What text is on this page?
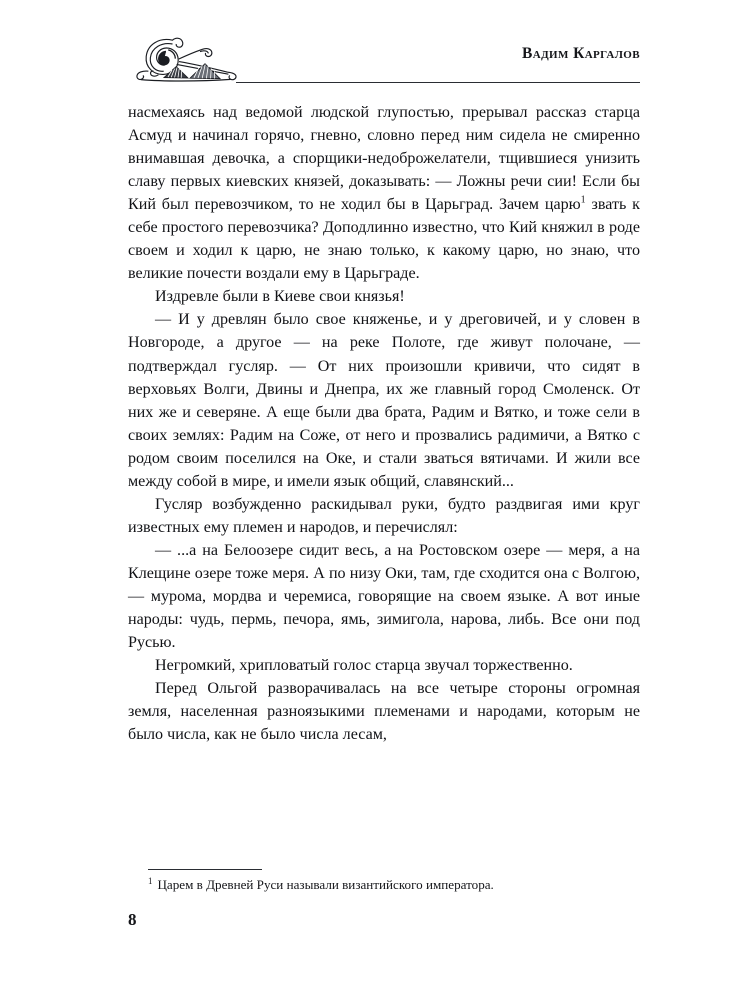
Вадим Каргалов

насмехаясь над ведомой людской глупостью, прерывал рассказ старца Асмуд и начинал горячо, гневно, словно перед ним сидела не смиренно внимавшая девочка, а спорщики-недоброжелатели, тщившиеся унизить славу первых киевских князей, доказывать: — Ложны речи сии! Если бы Кий был перевозчиком, то не ходил бы в Царьград. Зачем царю$^1$ звать к себе простого перевозчика? Доподлинно известно, что Кий княжил в роде своем и ходил к царю, не знаю только, к какому царю, но знаю, что великие почести воздали ему в Царьграде.

Издревле были в Киеве свои князья!

— И у древлян было свое княженье, и у дреговичей, и у словен в Новгороде, а другое — на реке Полоте, где живут полочане, — подтверждал гусляр. — От них произошли кривичи, что сидят в верховьях Волги, Двины и Днепра, их же главный город Смоленск. От них же и северяне. А еще были два брата, Радим и Вятко, и тоже сели в своих землях: Радим на Соже, от него и прозвались радимичи, а Вятко с родом своим поселился на Оке, и стали зваться вятичами. И жили все между собой в мире, и имели язык общий, славянский...

Гусляр возбужденно раскидывал руки, будто раздвигая ими круг известных ему племен и народов, и перечислял:

— ...а на Белоозере сидит весь, а на Ростовском озере — меря, а на Клещине озере тоже меря. А по низу Оки, там, где сходится она с Волгою, — мурома, мордва и черемиса, говорящие на своем языке. А вот иные народы: чудь, пермь, печора, ямь, зимигола, нарова, либь. Все они под Русью.

Негромкий, хрипловатый голос старца звучал торжественно.

Перед Ольгой разворачивалась на все четыре стороны огромная земля, населенная разноязыкими племенами и народами, которым не было числа, как не было числа лесам,

$^1$ Царем в Древней Руси называли византийского императора.
8
